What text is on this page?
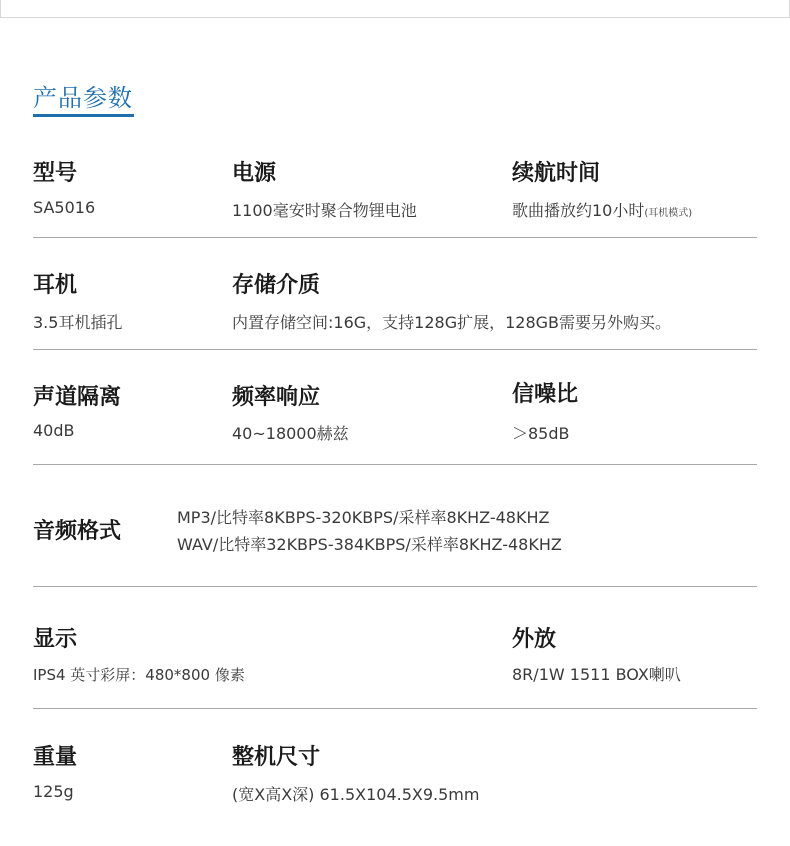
产品参数
型号
SA5016
电源
1100毫安时聚合物锂电池
续航时间
歌曲播放约10小时(耳机模式)
耳机
3.5耳机插孔
存储介质
内置存储空间:16G，支持128G扩展，128GB需要另外购买。
声道隔离
40dB
频率响应
40~18000赫兹
信噪比
＞85dB
音频格式
MP3/比特率8KBPS-320KBPS/采样率8KHZ-48KHZ
WAV/比特率32KBPS-384KBPS/采样率8KHZ-48KHZ
显示
IPS4 英寸彩屏：480*800 像素
外放
8R/1W 1511 BOX喇叭
重量
125g
整机尺寸
(宽X高X深) 61.5X104.5X9.5mm
